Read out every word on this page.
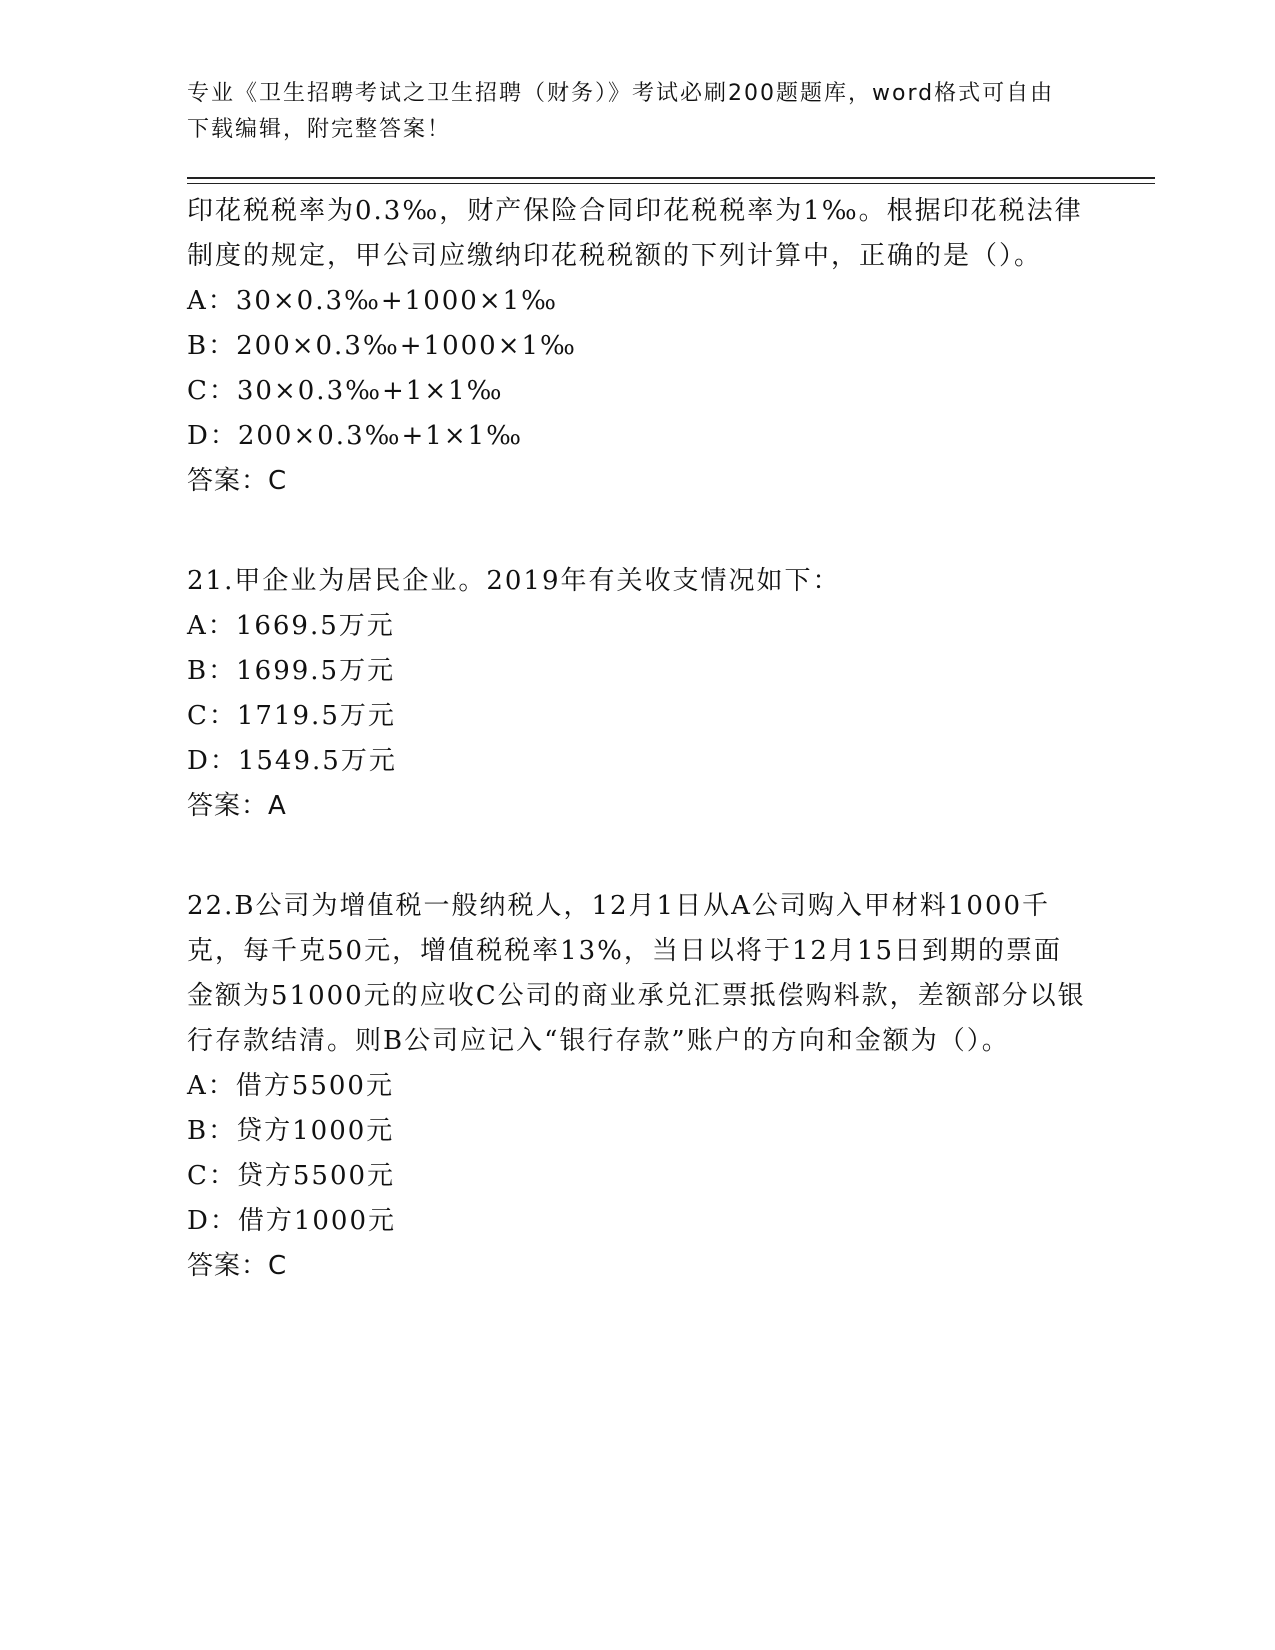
专业《卫生招聘考试之卫生招聘（财务）》考试必刷200题题库，word格式可自由下载编辑，附完整答案！

印花税税率为0.3‰，财产保险合同印花税税率为1‰。根据印花税法律制度的规定，甲公司应缴纳印花税税额的下列计算中，正确的是（）。

A：30×0.3‰+1000×1‰
B：200×0.3‰+1000×1‰
C：30×0.3‰+1×1‰
D：200×0.3‰+1×1‰
答案：C

21.甲企业为居民企业。2019年有关收支情况如下：

A：1669.5万元
B：1699.5万元
C：1719.5万元
D：1549.5万元
答案：A

22.B公司为增值税一般纳税人，12月1日从A公司购入甲材料1000千克，每千克50元，增值税税率13%，当日以将于12月15日到期的票面金额为51000元的应收C公司的商业承兑汇票抵偿购料款，差额部分以银行存款结清。则B公司应记入“银行存款”账户的方向和金额为（）。

A：借方5500元
B：贷方1000元
C：贷方5500元
D：借方1000元
答案：C
